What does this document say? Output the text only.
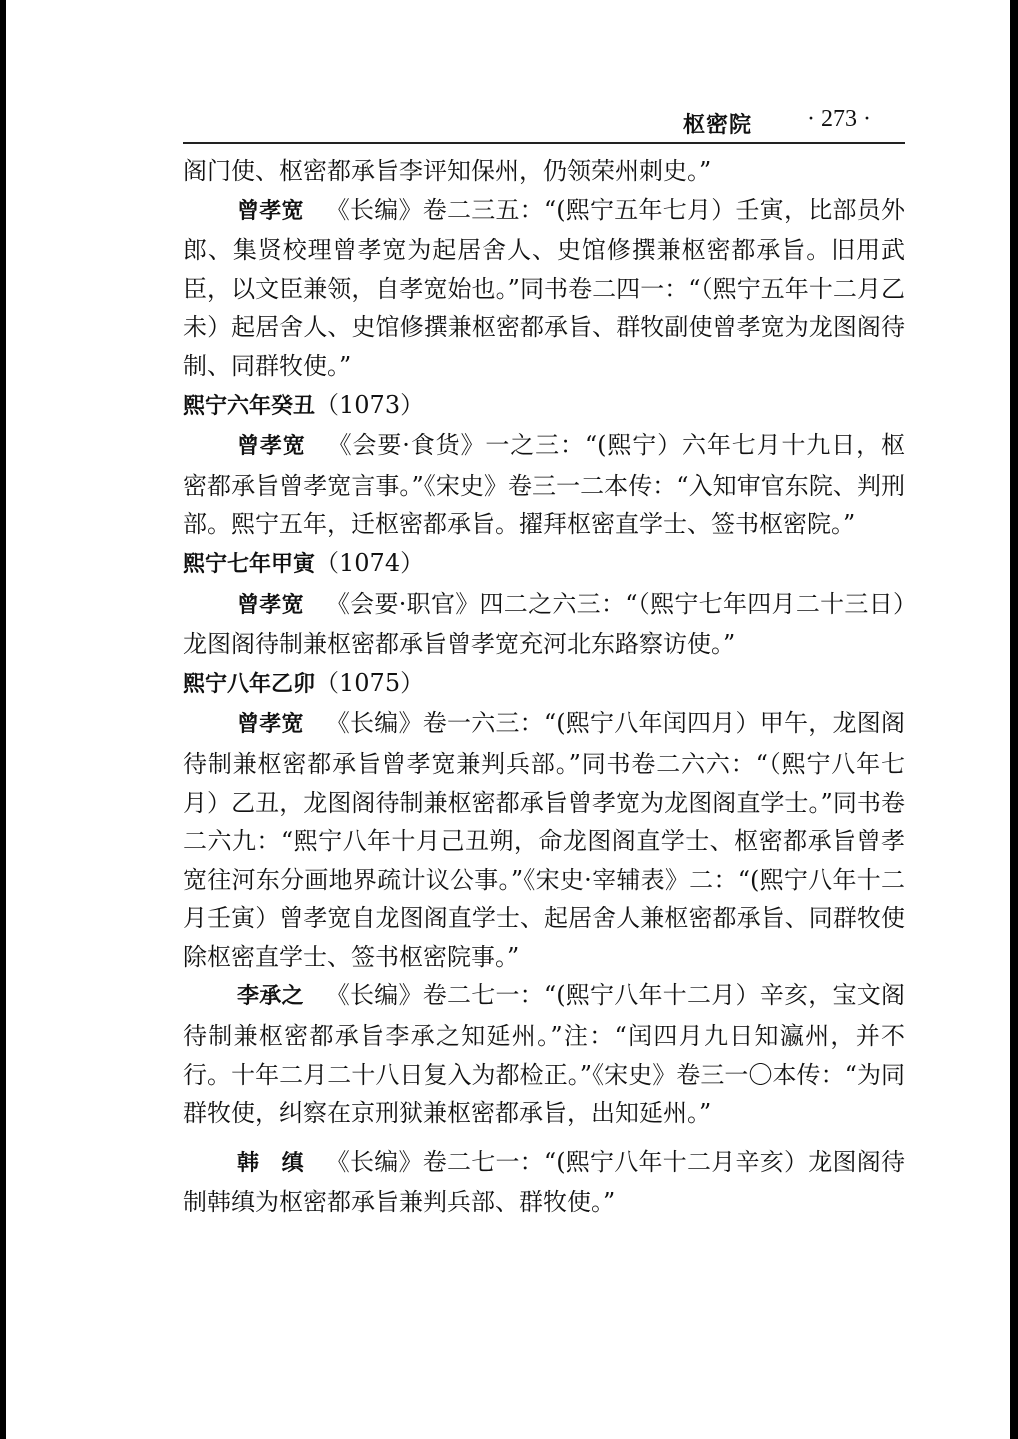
枢密院 · 273 ·

阁门使、枢密都承旨李评知保州，仍领荣州刺史。”

曾孝宽 《长编》卷二三五：“(熙宁五年七月）壬寅，比部员外郎、集贤校理曾孝宽为起居舍人、史馆修撰兼枢密都承旨。旧用武臣，以文臣兼领，自孝宽始也。”同书卷二四一：“（熙宁五年十二月乙未）起居舍人、史馆修撰兼枢密都承旨、群牧副使曾孝宽为龙图阁待制、同群牧使。”

熙宁六年癸丑（1073）

曾孝宽 《会要·食货》一之三：“(熙宁）六年七月十九日，枢密都承旨曾孝宽言事。”《宋史》卷三一二本传：“入知审官东院、判刑部。熙宁五年，迁枢密都承旨。擢拜枢密直学士、签书枢密院。”

熙宁七年甲寅（1074）

曾孝宽 《会要·职官》四二之六三：“（熙宁七年四月二十三日）龙图阁待制兼枢密都承旨曾孝宽充河北东路察访使。”

熙宁八年乙卯（1075）

曾孝宽 《长编》卷一六三：“(熙宁八年闰四月）甲午，龙图阁待制兼枢密都承旨曾孝宽兼判兵部。”同书卷二六六：“（熙宁八年七月）乙丑，龙图阁待制兼枢密都承旨曾孝宽为龙图阁直学士。”同书卷二六九：“熙宁八年十月己丑朔，命龙图阁直学士、枢密都承旨曾孝宽往河东分画地界疏计议公事。”《宋史·宰辅表》二：“(熙宁八年十二月壬寅）曾孝宽自龙图阁直学士、起居舍人兼枢密都承旨、同群牧使除枢密直学士、签书枢密院事。”

李承之 《长编》卷二七一：“(熙宁八年十二月）辛亥，宝文阁待制兼枢密都承旨李承之知延州。”注：“闰四月九日知瀛州，并不行。十年二月二十八日复入为都检正。”《宋史》卷三一〇本传：“为同群牧使，纠察在京刑狱兼枢密都承旨，出知延州。”

韩　缜 《长编》卷二七一：“(熙宁八年十二月辛亥）龙图阁待制韩缜为枢密都承旨兼判兵部、群牧使。”
